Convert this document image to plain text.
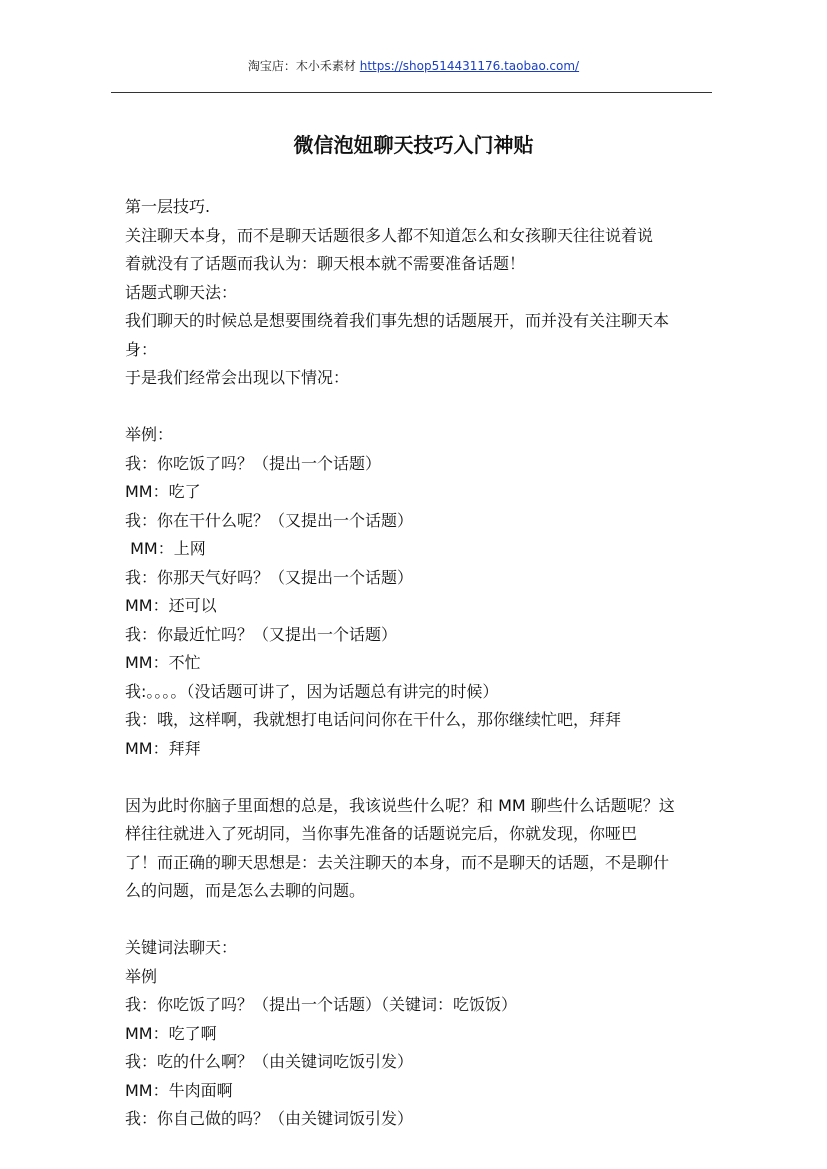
淘宝店：木小禾素材 https://shop514431176.taobao.com/
微信泡妞聊天技巧入门神贴
第一层技巧.
关注聊天本身，而不是聊天话题很多人都不知道怎么和女孩聊天往往说着说
着就没有了话题而我认为：聊天根本就不需要准备话题！
话题式聊天法：
我们聊天的时候总是想要围绕着我们事先想的话题展开，而并没有关注聊天本
身：
于是我们经常会出现以下情况：
举例：
我：你吃饭了吗？（提出一个话题）
MM：吃了
我：你在干什么呢？（又提出一个话题）
MM：上网
我：你那天气好吗？（又提出一个话题）
MM：还可以
我：你最近忙吗？（又提出一个话题）
MM：不忙
我:。。。。（没话题可讲了，因为话题总有讲完的时候）
我：哦，这样啊，我就想打电话问问你在干什么，那你继续忙吧，拜拜
MM：拜拜
因为此时你脑子里面想的总是，我该说些什么呢？和 MM 聊些什么话题呢？这
样往往就进入了死胡同，当你事先准备的话题说完后，你就发现，你哑巴
了！而正确的聊天思想是：去关注聊天的本身，而不是聊天的话题，不是聊什
么的问题，而是怎么去聊的问题。
关键词法聊天：
举例
我：你吃饭了吗？（提出一个话题）（关键词：吃饭饭）
MM：吃了啊
我：吃的什么啊？（由关键词吃饭引发）
MM：牛肉面啊
我：你自己做的吗？（由关键词饭引发）
